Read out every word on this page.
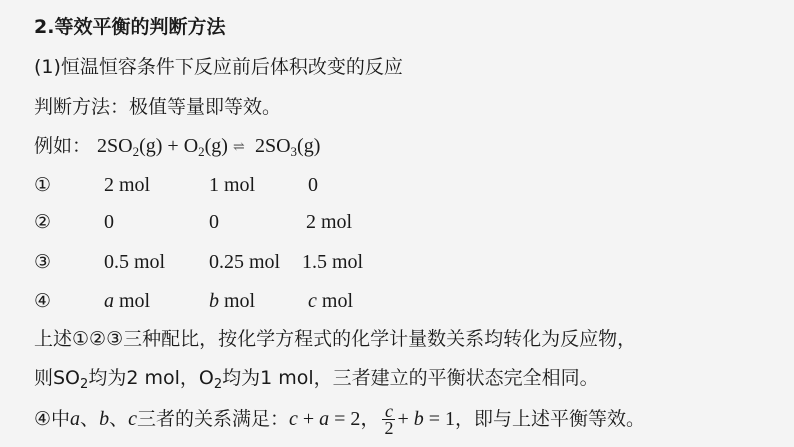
2.等效平衡的判断方法
(1)恒温恒容条件下反应前后体积改变的反应
判断方法：极值等量即等效。
例如： $2SO_2(g) + O_2(g)$ ⇌ $2SO_3(g)$
①	2 mol	1 mol	0
②	0	0	2 mol
③	0.5 mol 0.25 mol 1.5 mol
④	a mol	b mol	c mol
上述①②③三种配比，按化学方程式的化学计量数关系均转化为反应物，
则$SO_2$均为2 mol，$O_2$均为1 mol，三者建立的平衡状态完全相同。
④中a、b、c三者的关系满足：c + a = 2， $\frac{c}{2} + b = 1$，即与上述平衡等效。
